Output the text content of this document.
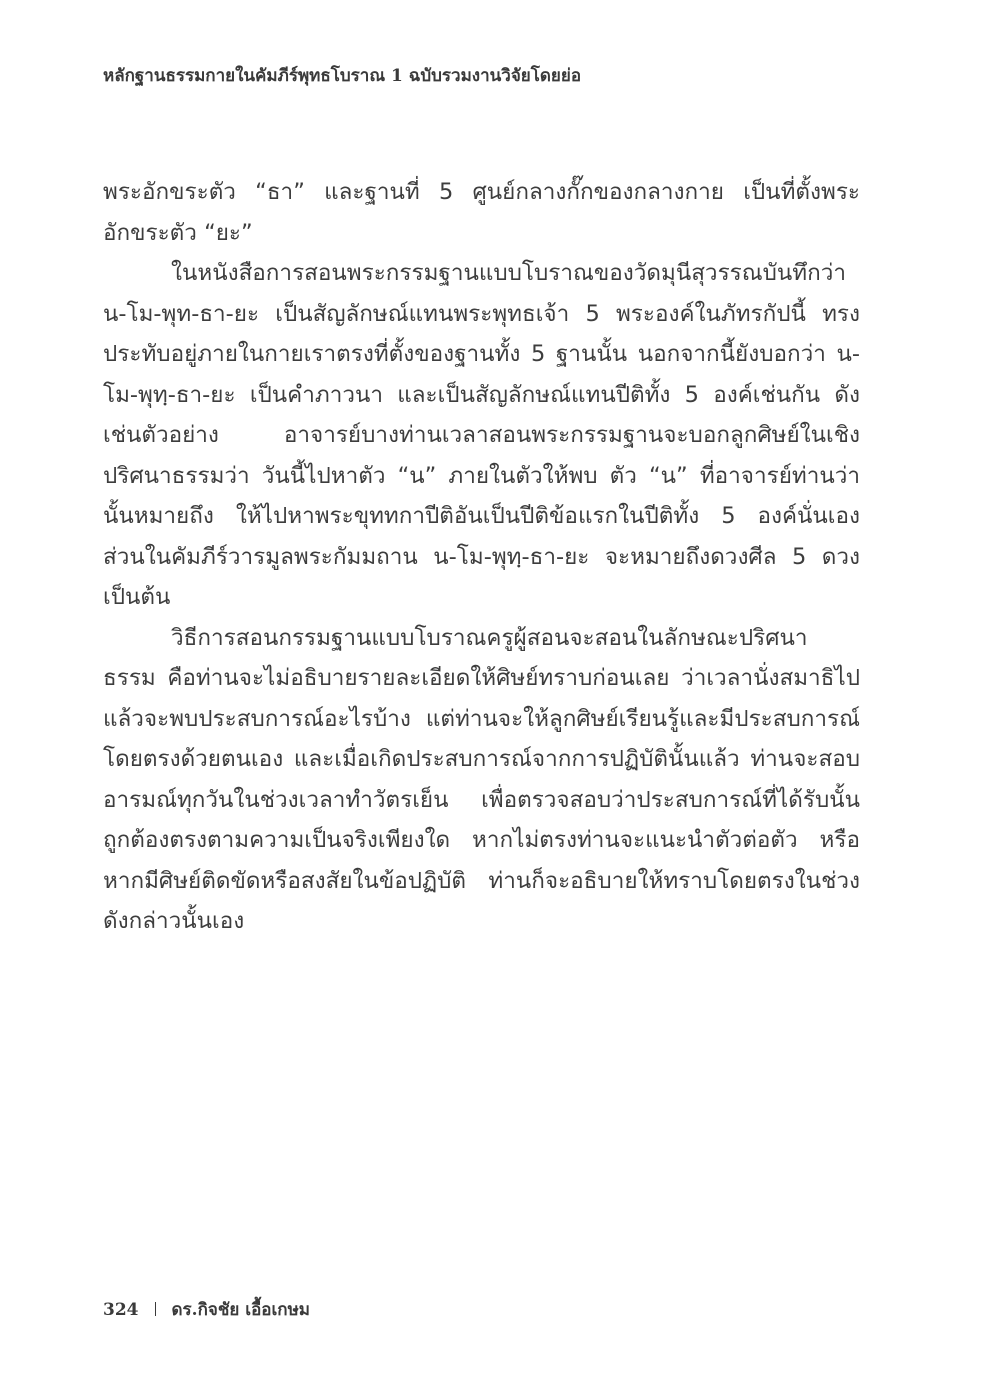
หลักฐานธรรมกายในคัมภีร์พุทธโบราณ 1 ฉบับรวมงานวิจัยโดยย่อ

พระอักขระตัว “ธา” และฐานที่ 5 ศูนย์กลางกั๊กของกลางกาย เป็นที่ตั้งพระอักขระตัว “ยะ”

ในหนังสือการสอนพระกรรมฐานแบบโบราณของวัดมุนีสุวรรณบันทึกว่า น-โม-พุท-ธา-ยะ เป็นสัญลักษณ์แทนพระพุทธเจ้า 5 พระองค์ในภัทรกัปนี้ ทรงประทับอยู่ภายในกายเราตรงที่ตั้งของฐานทั้ง 5 ฐานนั้น นอกจากนี้ยังบอกว่า น-โม-พุทฺ-ธา-ยะ เป็นคำภาวนา และเป็นสัญลักษณ์แทนปีติทั้ง 5 องค์เช่นกัน ดังเช่นตัวอย่าง อาจารย์บางท่านเวลาสอนพระกรรมฐานจะบอกลูกศิษย์ในเชิงปริศนาธรรมว่า วันนี้ไปหาตัว “น” ภายในตัวให้พบ ตัว “น” ที่อาจารย์ท่านว่านั้นหมายถึง ให้ไปหาพระขุททกาปีติอันเป็นปีติข้อแรกในปีติทั้ง 5 องค์นั่นเอง ส่วนในคัมภีร์วารมูลพระกัมมถาน น-โม-พุทฺ-ธา-ยะ จะหมายถึงดวงศีล 5 ดวงเป็นต้น

วิธีการสอนกรรมฐานแบบโบราณครูผู้สอนจะสอนในลักษณะปริศนาธรรม คือท่านจะไม่อธิบายรายละเอียดให้ศิษย์ทราบก่อนเลย ว่าเวลานั่งสมาธิไปแล้วจะพบประสบการณ์อะไรบ้าง แต่ท่านจะให้ลูกศิษย์เรียนรู้และมีประสบการณ์โดยตรงด้วยตนเอง และเมื่อเกิดประสบการณ์จากการปฏิบัตินั้นแล้ว ท่านจะสอบอารมณ์ทุกวันในช่วงเวลาทำวัตรเย็น เพื่อตรวจสอบว่าประสบการณ์ที่ได้รับนั้น ถูกต้องตรงตามความเป็นจริงเพียงใด หากไม่ตรงท่านจะแนะนำตัวต่อตัว หรือหากมีศิษย์ติดขัดหรือสงสัยในข้อปฏิบัติ ท่านก็จะอธิบายให้ทราบโดยตรงในช่วงดังกล่าวนั้นเอง

324 ดร.กิจชัย เอื้อเกษม
